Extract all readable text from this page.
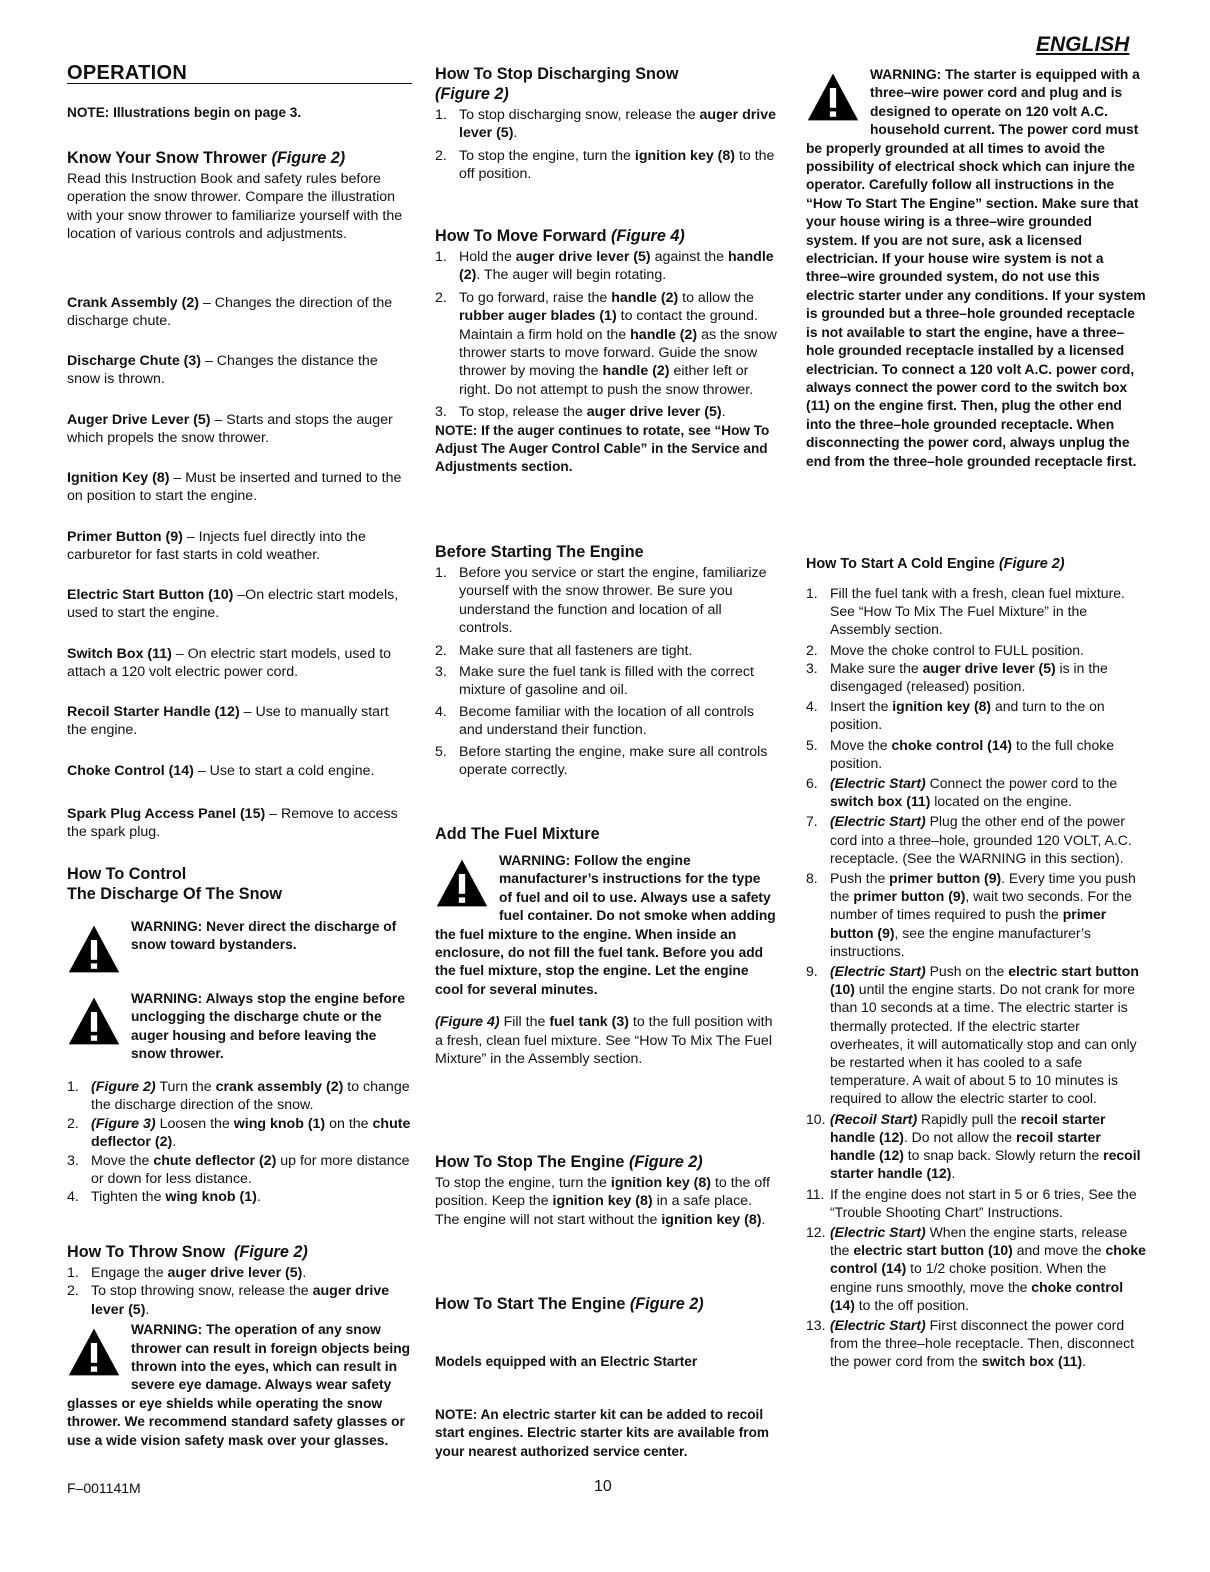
ENGLISH
OPERATION

NOTE: Illustrations begin on page 3.

Know Your Snow Thrower (Figure 2)

Read this Instruction Book and safety rules before operation the snow thrower. Compare the illustration with your snow thrower to familiarize yourself with the location of various controls and adjustments.

Crank Assembly (2) – Changes the direction of the discharge chute.

Discharge Chute (3) – Changes the distance the snow is thrown.

Auger Drive Lever (5) – Starts and stops the auger which propels the snow thrower.

Ignition Key (8) – Must be inserted and turned to the on position to start the engine.

Primer Button (9) – Injects fuel directly into the carburetor for fast starts in cold weather.

Electric Start Button (10) –On electric start models, used to start the engine.

Switch Box (11) – On electric start models, used to attach a 120 volt electric power cord.

Recoil Starter Handle (12) – Use to manually start the engine.

Choke Control (14) – Use to start a cold engine.

Spark Plug Access Panel (15) – Remove to access the spark plug.

How To Control
The Discharge Of The Snow
WARNING: Never direct the discharge of snow toward bystanders.
WARNING: Always stop the engine before unclogging the discharge chute or the auger housing and before leaving the snow thrower.
1. (Figure 2) Turn the crank assembly (2) to change the discharge direction of the snow.
2. (Figure 3) Loosen the wing knob (1) on the chute deflector (2).
3. Move the chute deflector (2) up for more distance or down for less distance.
4. Tighten the wing knob (1).
How To Throw Snow (Figure 2)
1. Engage the auger drive lever (5).
2. To stop throwing snow, release the auger drive lever (5).
WARNING: The operation of any snow thrower can result in foreign objects being thrown into the eyes, which can result in severe eye damage. Always wear safety glasses or eye shields while operating the snow thrower. We recommend standard safety glasses or use a wide vision safety mask over your glasses.
How To Stop Discharging Snow
(Figure 2)
1. To stop discharging snow, release the auger drive lever (5).
2. To stop the engine, turn the ignition key (8) to the off position.
How To Move Forward (Figure 4)
1. Hold the auger drive lever (5) against the handle (2). The auger will begin rotating.
2. To go forward, raise the handle (2) to allow the rubber auger blades (1) to contact the ground. Maintain a firm hold on the handle (2) as the snow thrower starts to move forward. Guide the snow thrower by moving the handle (2) either left or right. Do not attempt to push the snow thrower.
3. To stop, release the auger drive lever (5).

NOTE: If the auger continues to rotate, see “How To Adjust The Auger Control Cable” in the Service and Adjustments section.

Before Starting The Engine
1. Before you service or start the engine, familiarize yourself with the snow thrower. Be sure you understand the function and location of all controls.
2. Make sure that all fasteners are tight.
3. Make sure the fuel tank is filled with the correct mixture of gasoline and oil.
4. Become familiar with the location of all controls and understand their function.
5. Before starting the engine, make sure all controls operate correctly.
Add The Fuel Mixture
WARNING: Follow the engine manufacturer’s instructions for the type of fuel and oil to use. Always use a safety fuel container. Do not smoke when adding the fuel mixture to the engine. When inside an enclosure, do not fill the fuel tank. Before you add the fuel mixture, stop the engine. Let the engine cool for several minutes.

(Figure 4) Fill the fuel tank (3) to the full position with a fresh, clean fuel mixture. See “How To Mix The Fuel Mixture” in the Assembly section.

How To Stop The Engine (Figure 2)

To stop the engine, turn the ignition key (8) to the off position. Keep the ignition key (8) in a safe place. The engine will not start without the ignition key (8).

How To Start The Engine (Figure 2)

Models equipped with an Electric Starter

NOTE: An electric starter kit can be added to recoil start engines. Electric starter kits are available from your nearest authorized service center.

WARNING: The starter is equipped with a three–wire power cord and plug and is designed to operate on 120 volt A.C. household current. The power cord must be properly grounded at all times to avoid the possibility of electrical shock which can injure the operator. Carefully follow all instructions in the “How To Start The Engine” section. Make sure that your house wiring is a three–wire grounded system. If you are not sure, ask a licensed electrician. If your house wire system is not a three–wire grounded system, do not use this electric starter under any conditions. If your system is grounded but a three–hole grounded receptacle is not available to start the engine, have a three–hole grounded receptacle installed by a licensed electrician. To connect a 120 volt A.C. power cord, always connect the power cord to the switch box (11) on the engine first. Then, plug the other end into the three–hole grounded receptacle. When disconnecting the power cord, always unplug the end from the three–hole grounded receptacle first.
How To Start A Cold Engine (Figure 2)
1. Fill the fuel tank with a fresh, clean fuel mixture. See “How To Mix The Fuel Mixture” in the Assembly section.
2. Move the choke control to FULL position.
3. Make sure the auger drive lever (5) is in the disengaged (released) position.
4. Insert the ignition key (8) and turn to the on position.
5. Move the choke control (14) to the full choke position.
6. (Electric Start) Connect the power cord to the switch box (11) located on the engine.
7. (Electric Start) Plug the other end of the power cord into a three–hole, grounded 120 VOLT, A.C. receptacle. (See the WARNING in this section).
8. Push the primer button (9). Every time you push the primer button (9), wait two seconds. For the number of times required to push the primer button (9), see the engine manufacturer’s instructions.
9. (Electric Start) Push on the electric start button (10) until the engine starts. Do not crank for more than 10 seconds at a time. The electric starter is thermally protected. If the electric starter overheates, it will automatically stop and can only be restarted when it has cooled to a safe temperature. A wait of about 5 to 10 minutes is required to allow the electric starter to cool.
10. (Recoil Start) Rapidly pull the recoil starter handle (12). Do not allow the recoil starter handle (12) to snap back. Slowly return the recoil starter handle (12).
11. If the engine does not start in 5 or 6 tries, See the “Trouble Shooting Chart” Instructions.
12. (Electric Start) When the engine starts, release the electric start button (10) and move the choke control (14) to 1/2 choke position. When the engine runs smoothly, move the choke control (14) to the off position.
13. (Electric Start) First disconnect the power cord from the three–hole receptacle. Then, disconnect the power cord from the switch box (11).
F–001141M	10
